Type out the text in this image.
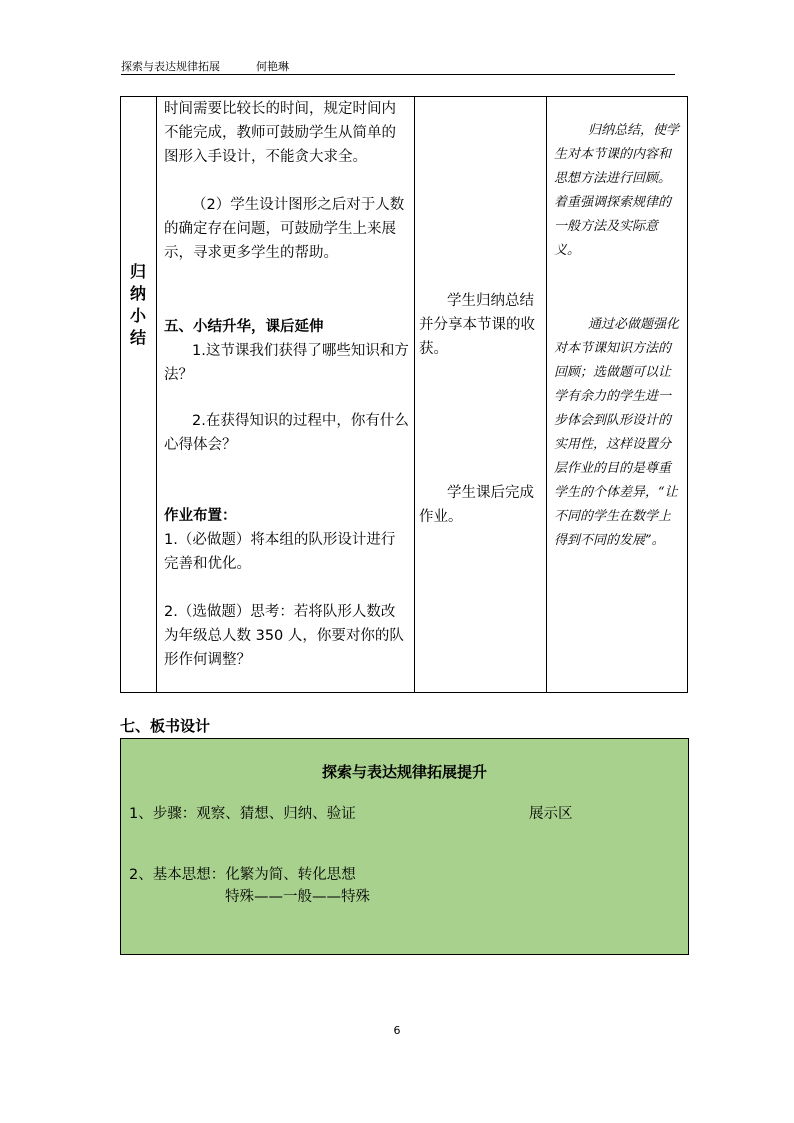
探索与表达规律拓展	何艳琳
归
纳
小
结

时间需要比较长的时间，规定时间内不能完成，教师可鼓励学生从简单的图形入手设计，不能贪大求全。

（2）学生设计图形之后对于人数的确定存在问题，可鼓励学生上来展示，寻求更多学生的帮助。

五、小结升华，课后延伸

1.这节课我们获得了哪些知识和方法？

2.在获得知识的过程中，你有什么心得体会？

作业布置：

1.（必做题）将本组的队形设计进行完善和优化。

2.（选做题）思考：若将队形人数改为年级总人数 350 人，你要对你的队形作何调整？

学生归纳总结并分享本节课的收获。

学生课后完成作业。

归纳总结，使学生对本节课的内容和思想方法进行回顾。着重强调探索规律的一般方法及实际意义。

通过必做题强化对本节课知识方法的回顾；选做题可以让学有余力的学生进一步体会到队形设计的实用性，这样设置分层作业的目的是尊重学生的个体差异，“让不同的学生在数学上得到不同的发展”。

七、板书设计
探索与表达规律拓展提升
1、步骤：观察、猜想、归纳、验证	展示区
2、基本思想：化繁为简、转化思想
特殊——一般——特殊
6
